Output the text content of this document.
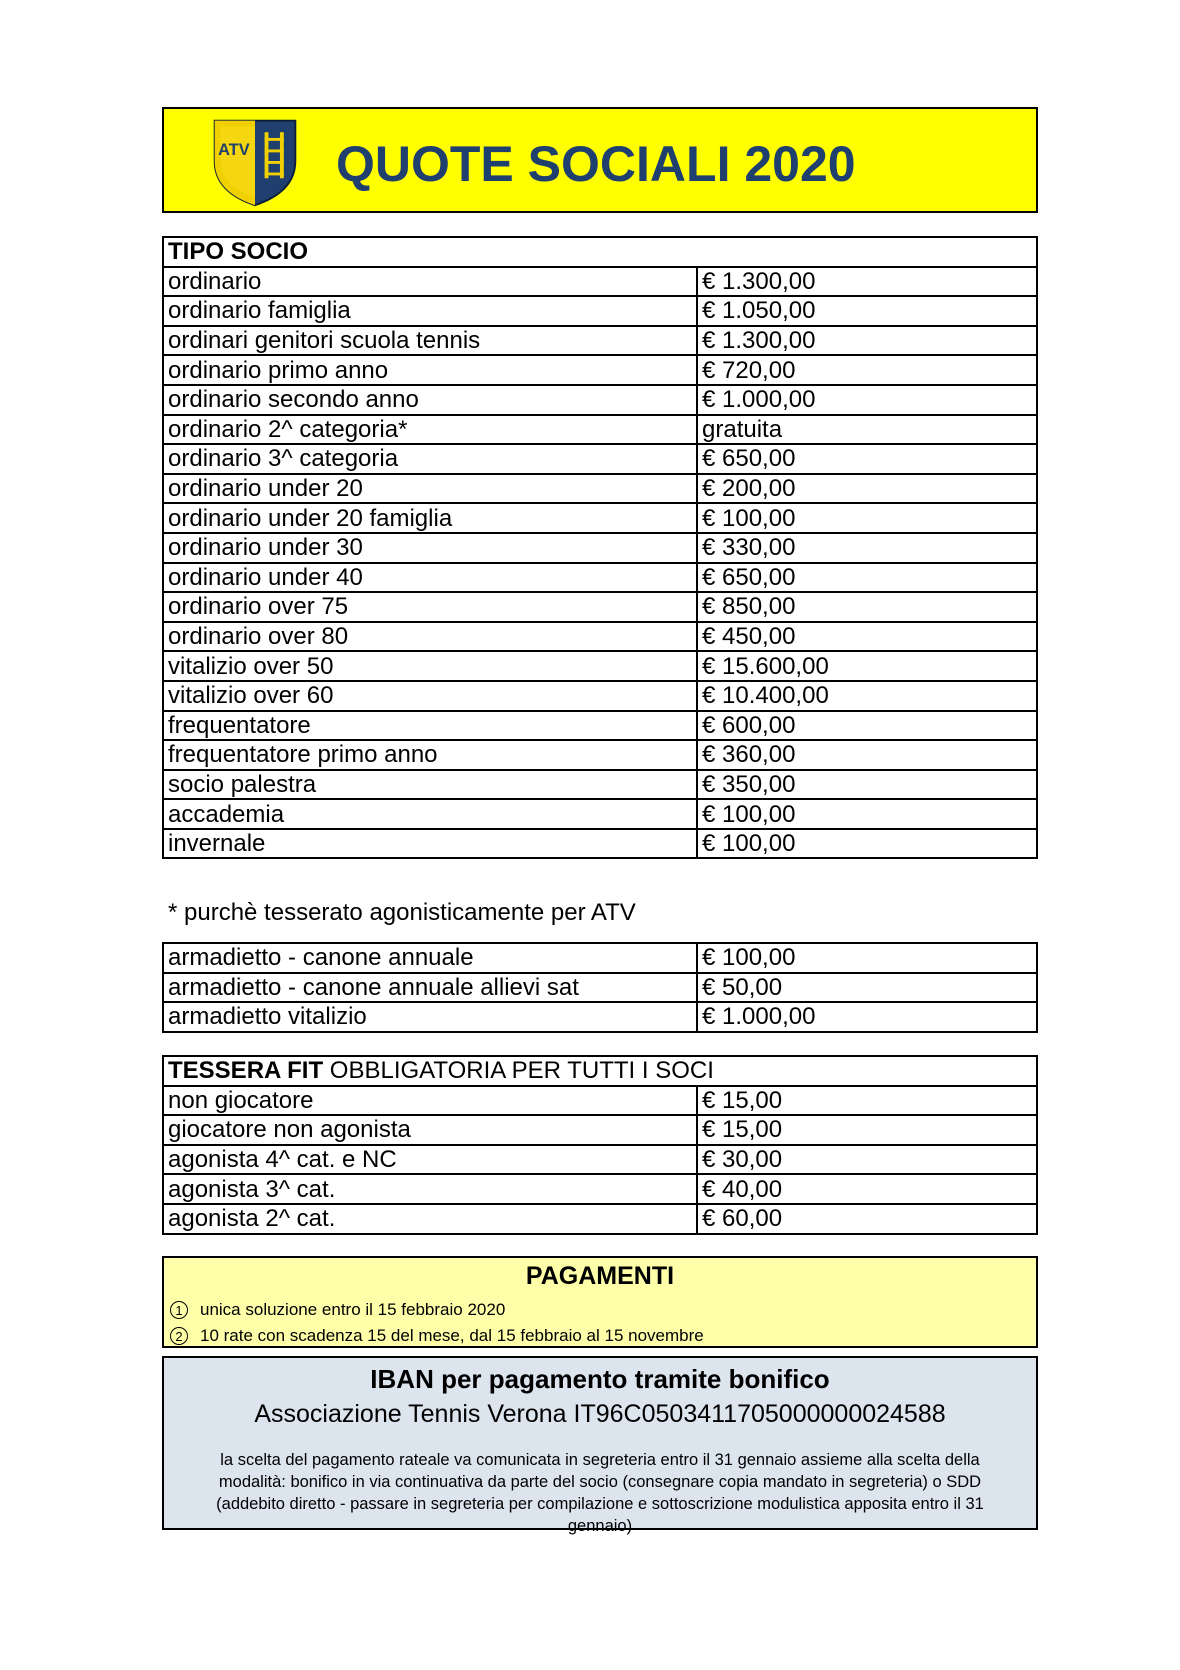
ATV QUOTE SOCIALI 2020
TIPO SOCIO	
ordinario	€ 1.300,00
ordinario famiglia	€ 1.050,00
ordinari genitori scuola tennis	€ 1.300,00
ordinario primo anno	€ 720,00
ordinario secondo anno	€ 1.000,00
ordinario 2^ categoria*	gratuita
ordinario 3^ categoria	€ 650,00
ordinario under 20	€ 200,00
ordinario under 20 famiglia	€ 100,00
ordinario under 30	€ 330,00
ordinario under 40	€ 650,00
ordinario over 75	€ 850,00
ordinario over 80	€ 450,00
vitalizio over 50	€ 15.600,00
vitalizio over 60	€ 10.400,00
frequentatore	€ 600,00
frequentatore primo anno	€ 360,00
socio palestra	€ 350,00
accademia	€ 100,00
invernale	€ 100,00
* purchè tesserato agonisticamente per ATV
armadietto - canone annuale	€ 100,00
armadietto - canone annuale allievi sat	€ 50,00
armadietto vitalizio	€ 1.000,00
TESSERA FIT OBBLIGATORIA PER TUTTI I SOCI	
non giocatore	€ 15,00
giocatore non agonista	€ 15,00
agonista 4^ cat. e NC	€ 30,00
agonista 3^ cat.	€ 40,00
agonista 2^ cat.	€ 60,00
PAGAMENTI
1	unica soluzione entro il 15 febbraio 2020
2	10 rate con scadenza 15 del mese, dal 15 febbraio al 15 novembre
IBAN per pagamento tramite bonifico
Associazione Tennis Verona IT96C0503411705000000024588
la scelta del pagamento rateale va comunicata in segreteria entro il 31 gennaio assieme alla scelta della modalità: bonifico in via continuativa da parte del socio (consegnare copia mandato in segreteria) o SDD (addebito diretto - passare in segreteria per compilazione e sottoscrizione modulistica apposita entro il 31 gennaio)
